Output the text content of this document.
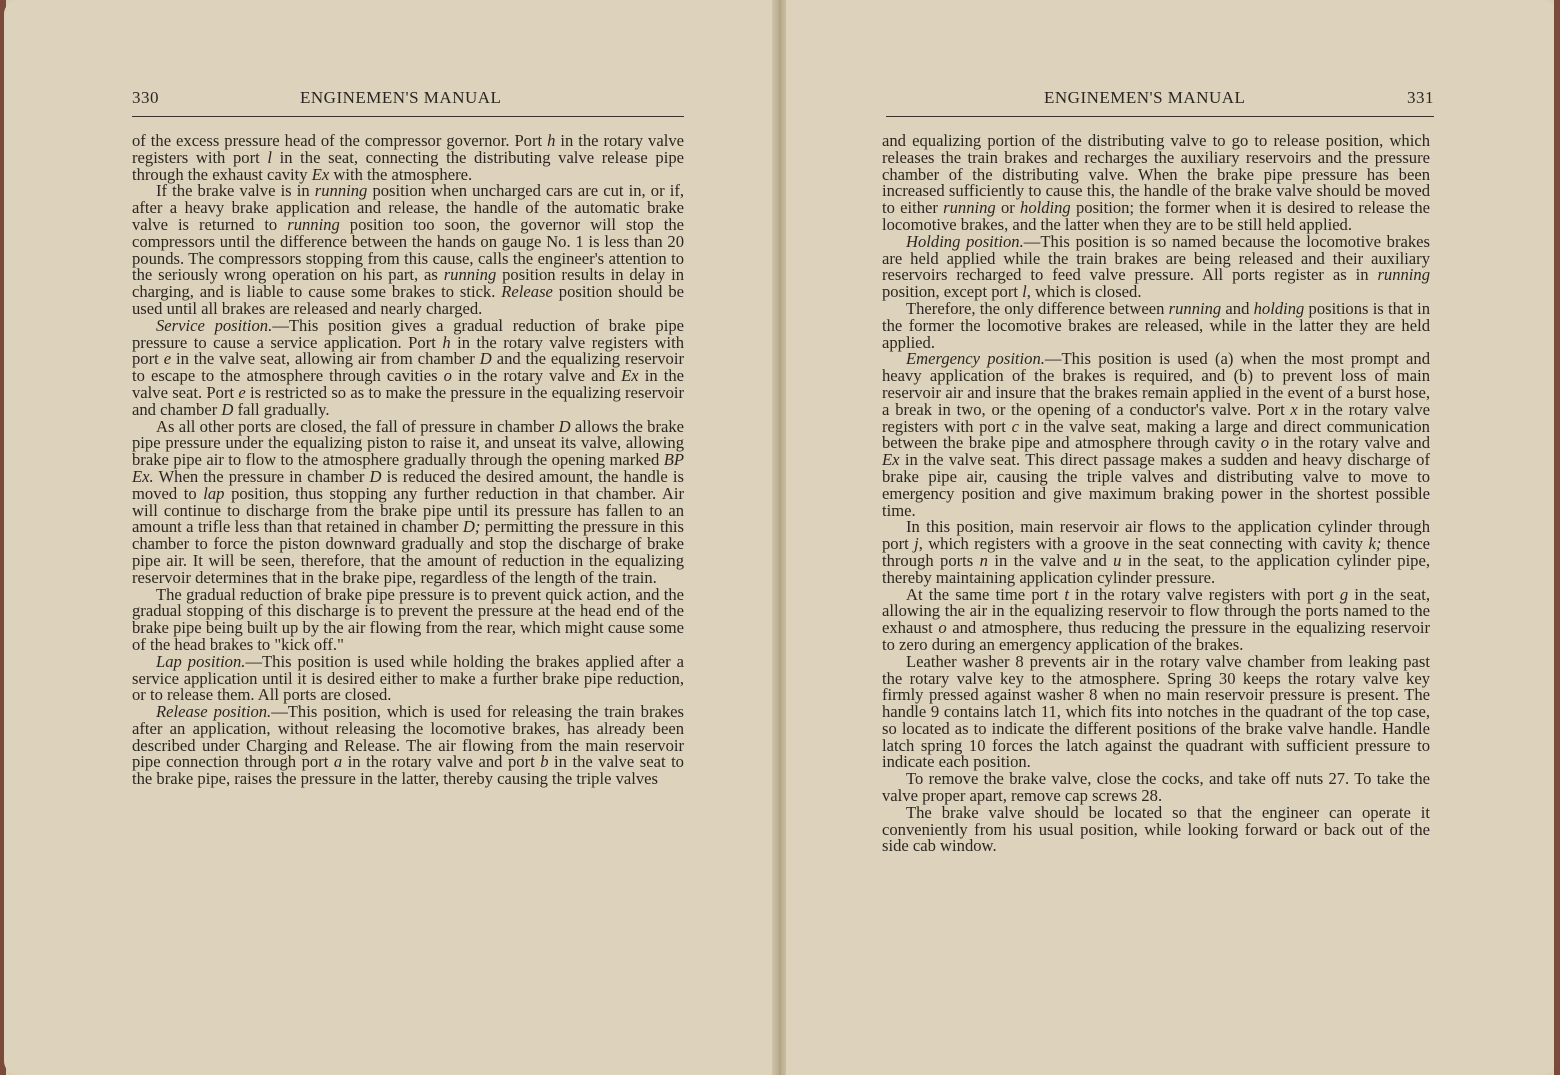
330	ENGINEMEN'S MANUAL

of the excess pressure head of the compressor governor. Port h in the rotary valve registers with port l in the seat, connecting the distributing valve release pipe through the exhaust cavity Ex with the atmosphere.

If the brake valve is in running position when uncharged cars are cut in, or if, after a heavy brake application and release, the handle of the automatic brake valve is returned to running position too soon, the governor will stop the compressors until the difference between the hands on gauge No. 1 is less than 20 pounds. The compressors stopping from this cause, calls the engineer's attention to the seriously wrong operation on his part, as running position results in delay in charging, and is liable to cause some brakes to stick. Release position should be used until all brakes are released and nearly charged.

Service position.—This position gives a gradual reduction of brake pipe pressure to cause a service application. Port h in the rotary valve registers with port e in the valve seat, allowing air from chamber D and the equalizing reservoir to escape to the atmosphere through cavities o in the rotary valve and Ex in the valve seat. Port e is restricted so as to make the pressure in the equalizing reservoir and chamber D fall gradually.

As all other ports are closed, the fall of pressure in chamber D allows the brake pipe pressure under the equalizing piston to raise it, and unseat its valve, allowing brake pipe air to flow to the atmosphere gradually through the opening marked BP Ex. When the pressure in chamber D is reduced the desired amount, the handle is moved to lap position, thus stopping any further reduction in that chamber. Air will continue to discharge from the brake pipe until its pressure has fallen to an amount a trifle less than that retained in chamber D; permitting the pressure in this chamber to force the piston downward gradually and stop the discharge of brake pipe air. It will be seen, therefore, that the amount of reduction in the equalizing reservoir determines that in the brake pipe, regardless of the length of the train.

The gradual reduction of brake pipe pressure is to prevent quick action, and the gradual stopping of this discharge is to prevent the pressure at the head end of the brake pipe being built up by the air flowing from the rear, which might cause some of the head brakes to "kick off."

Lap position.—This position is used while holding the brakes applied after a service application until it is desired either to make a further brake pipe reduction, or to release them. All ports are closed.

Release position.—This position, which is used for releasing the train brakes after an application, without releasing the locomotive brakes, has already been described under Charging and Release. The air flowing from the main reservoir pipe connection through port a in the rotary valve and port b in the valve seat to the brake pipe, raises the pressure in the latter, thereby causing the triple valves

ENGINEMEN'S MANUAL	331

and equalizing portion of the distributing valve to go to release position, which releases the train brakes and recharges the auxiliary reservoirs and the pressure chamber of the distributing valve. When the brake pipe pressure has been increased sufficiently to cause this, the handle of the brake valve should be moved to either running or holding position; the former when it is desired to release the locomotive brakes, and the latter when they are to be still held applied.

Holding position.—This position is so named because the locomotive brakes are held applied while the train brakes are being released and their auxiliary reservoirs recharged to feed valve pressure. All ports register as in running position, except port l, which is closed.

Therefore, the only difference between running and holding positions is that in the former the locomotive brakes are released, while in the latter they are held applied.

Emergency position.—This position is used (a) when the most prompt and heavy application of the brakes is required, and (b) to prevent loss of main reservoir air and insure that the brakes remain applied in the event of a burst hose, a break in two, or the opening of a conductor's valve. Port x in the rotary valve registers with port c in the valve seat, making a large and direct communication between the brake pipe and atmosphere through cavity o in the rotary valve and Ex in the valve seat. This direct passage makes a sudden and heavy discharge of brake pipe air, causing the triple valves and distributing valve to move to emergency position and give maximum braking power in the shortest possible time.

In this position, main reservoir air flows to the application cylinder through port j, which registers with a groove in the seat connecting with cavity k; thence through ports n in the valve and u in the seat, to the application cylinder pipe, thereby maintaining application cylinder pressure.

At the same time port t in the rotary valve registers with port g in the seat, allowing the air in the equalizing reservoir to flow through the ports named to the exhaust o and atmosphere, thus reducing the pressure in the equalizing reservoir to zero during an emergency application of the brakes.

Leather washer 8 prevents air in the rotary valve chamber from leaking past the rotary valve key to the atmosphere. Spring 30 keeps the rotary valve key firmly pressed against washer 8 when no main reservoir pressure is present. The handle 9 contains latch 11, which fits into notches in the quadrant of the top case, so located as to indicate the different positions of the brake valve handle. Handle latch spring 10 forces the latch against the quadrant with sufficient pressure to indicate each position.

To remove the brake valve, close the cocks, and take off nuts 27. To take the valve proper apart, remove cap screws 28.

The brake valve should be located so that the engineer can operate it conveniently from his usual position, while looking forward or back out of the side cab window.
